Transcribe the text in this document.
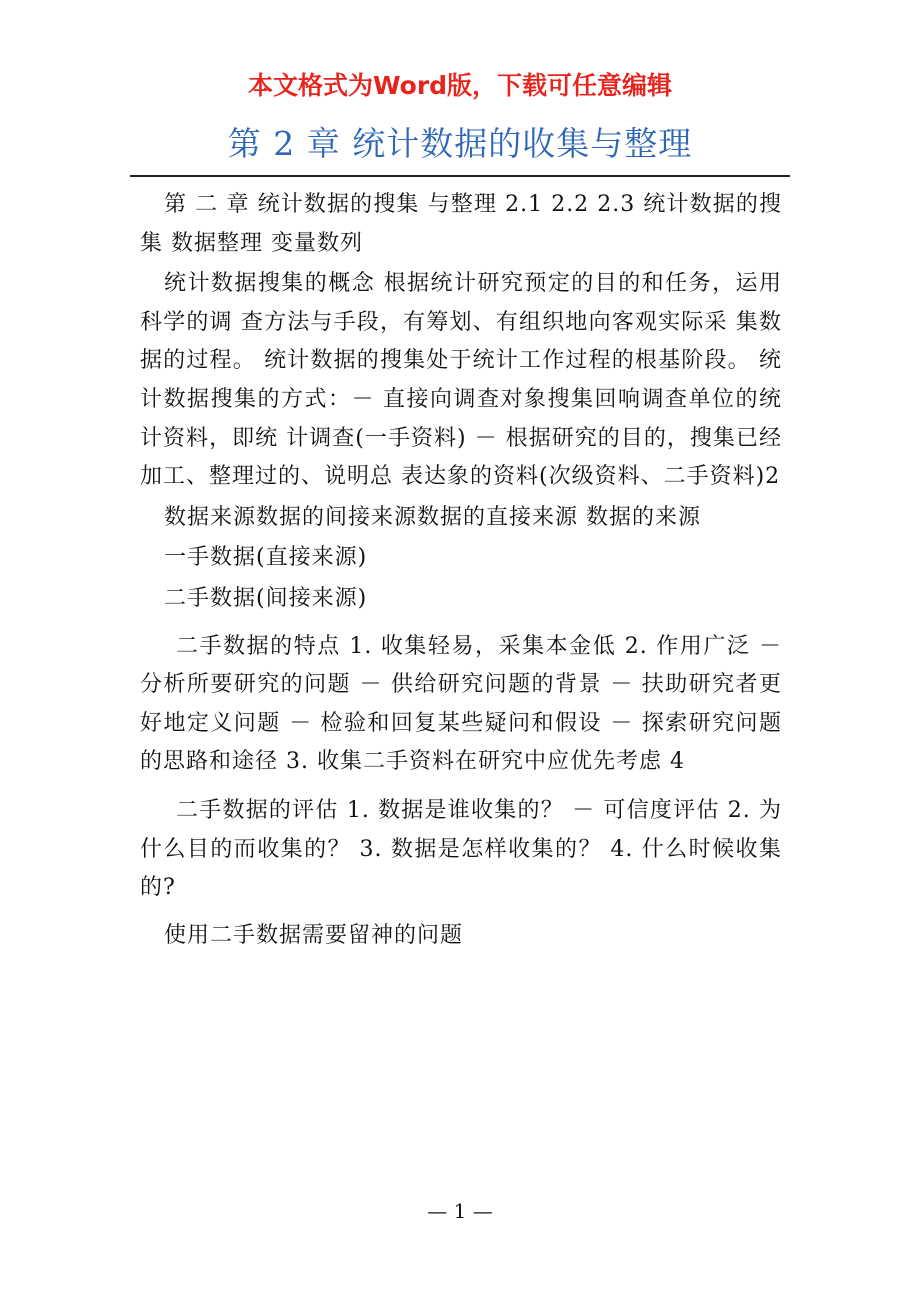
本文格式为Word版，下载可任意编辑
第 2 章 统计数据的收集与整理

第 二 章 统计数据的搜集 与整理 2.1 2.2 2.3 统计数据的搜集 数据整理 变量数列

统计数据搜集的概念 根据统计研究预定的目的和任务，运用科学的调 查方法与手段，有筹划、有组织地向客观实际采 集数据的过程。 统计数据的搜集处于统计工作过程的根基阶段。 统计数据搜集的方式：－ 直接向调查对象搜集回响调查单位的统计资料，即统 计调查(一手资料) － 根据研究的目的，搜集已经加工、整理过的、说明总 表达象的资料(次级资料、二手资料)2

数据来源数据的间接来源数据的直接来源 数据的来源

一手数据(直接来源)

二手数据(间接来源)

二手数据的特点 1. 收集轻易，采集本金低 2. 作用广泛 － 分析所要研究的问题 － 供给研究问题的背景 － 扶助研究者更好地定义问题 － 检验和回复某些疑问和假设 － 探索研究问题的思路和途径 3. 收集二手资料在研究中应优先考虑 4

二手数据的评估 1. 数据是谁收集的？ － 可信度评估 2. 为什么目的而收集的？ 3. 数据是怎样收集的？ 4. 什么时候收集的?

使用二手数据需要留神的问题

— 1 —
